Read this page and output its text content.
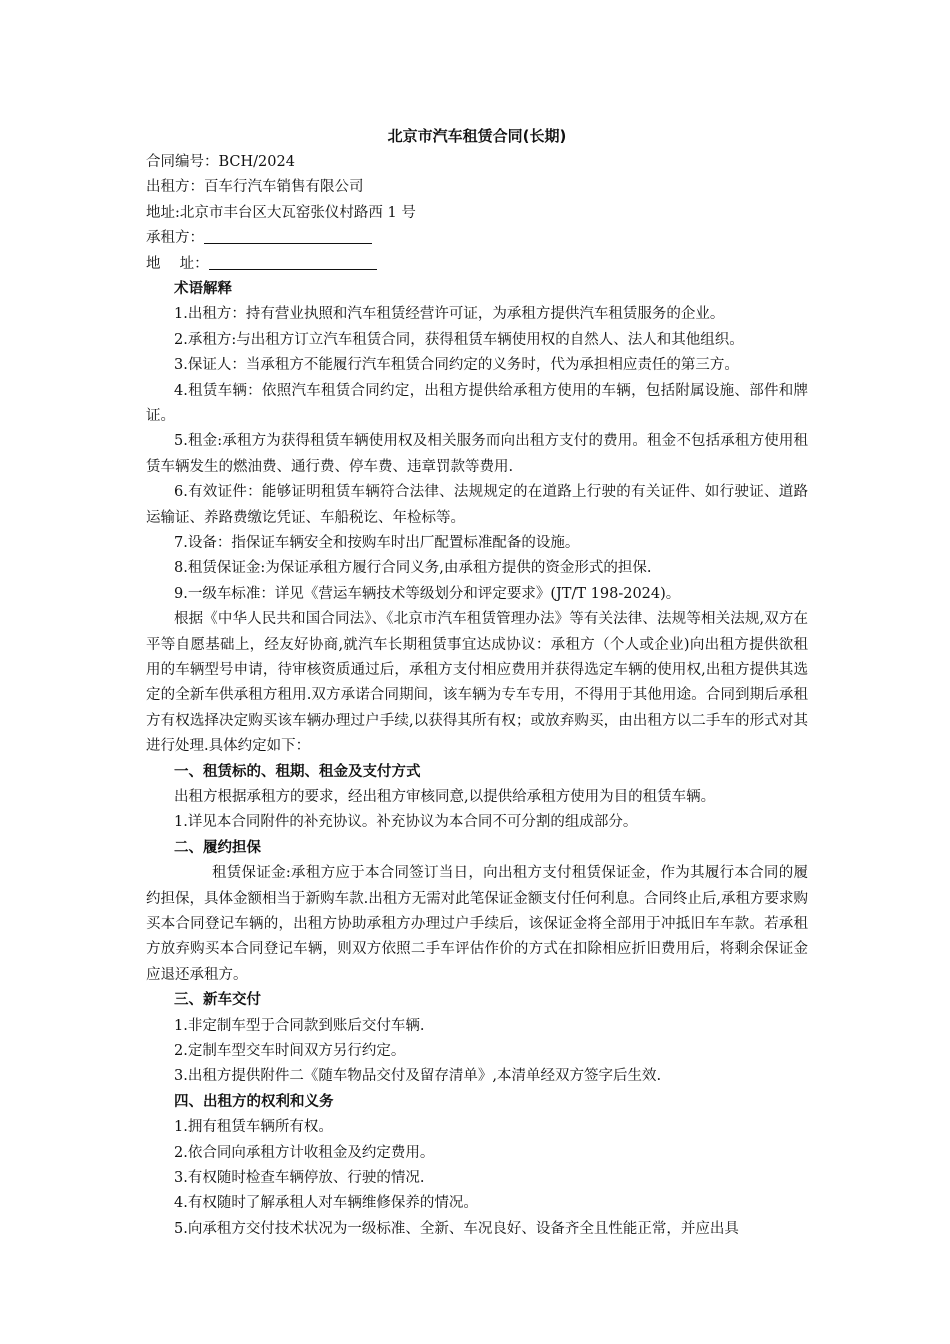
北京市汽车租赁合同(长期)
合同编号：BCH/2024
出租方：百车行汽车销售有限公司
地址:北京市丰台区大瓦窑张仪村路西 1 号
承租方：
地　 址：
术语解释
1.出租方：持有营业执照和汽车租赁经营许可证，为承租方提供汽车租赁服务的企业。
2.承租方:与出租方订立汽车租赁合同，获得租赁车辆使用权的自然人、法人和其他组织。
3.保证人：当承租方不能履行汽车租赁合同约定的义务时，代为承担相应责任的第三方。
4.租赁车辆：依照汽车租赁合同约定，出租方提供给承租方使用的车辆，包括附属设施、部件和牌证。
5.租金:承租方为获得租赁车辆使用权及相关服务而向出租方支付的费用。租金不包括承租方使用租赁车辆发生的燃油费、通行费、停车费、违章罚款等费用.
6.有效证件：能够证明租赁车辆符合法律、法规规定的在道路上行驶的有关证件、如行驶证、道路运输证、养路费缴讫凭证、车船税讫、年检标等。
7.设备：指保证车辆安全和按购车时出厂配置标准配备的设施。
8.租赁保证金:为保证承租方履行合同义务,由承租方提供的资金形式的担保.
9.一级车标准：详见《营运车辆技术等级划分和评定要求》(JT/T 198-2024)。
根据《中华人民共和国合同法》、《北京市汽车租赁管理办法》等有关法律、法规等相关法规,双方在平等自愿基础上，经友好协商,就汽车长期租赁事宜达成协议：承租方（个人或企业)向出租方提供欲租用的车辆型号申请，待审核资质通过后，承租方支付相应费用并获得选定车辆的使用权,出租方提供其选定的全新车供承租方租用.双方承诺合同期间，该车辆为专车专用，不得用于其他用途。合同到期后承租方有权选择决定购买该车辆办理过户手续,以获得其所有权；或放弃购买，由出租方以二手车的形式对其进行处理.具体约定如下：
一、租赁标的、租期、租金及支付方式
出租方根据承租方的要求，经出租方审核同意,以提供给承租方使用为目的租赁车辆。
1.详见本合同附件的补充协议。补充协议为本合同不可分割的组成部分。
二、履约担保
租赁保证金:承租方应于本合同签订当日，向出租方支付租赁保证金，作为其履行本合同的履约担保，具体金额相当于新购车款.出租方无需对此笔保证金额支付任何利息。合同终止后,承租方要求购买本合同登记车辆的，出租方协助承租方办理过户手续后，该保证金将全部用于冲抵旧车车款。若承租方放弃购买本合同登记车辆，则双方依照二手车评估作价的方式在扣除相应折旧费用后，将剩余保证金应退还承租方。
三、新车交付
1.非定制车型于合同款到账后交付车辆.
2.定制车型交车时间双方另行约定。
3.出租方提供附件二《随车物品交付及留存清单》,本清单经双方签字后生效.
四、出租方的权利和义务
1.拥有租赁车辆所有权。
2.依合同向承租方计收租金及约定费用。
3.有权随时检查车辆停放、行驶的情况.
4.有权随时了解承租人对车辆维修保养的情况。
5.向承租方交付技术状况为一级标准、全新、车况良好、设备齐全且性能正常，并应出具
